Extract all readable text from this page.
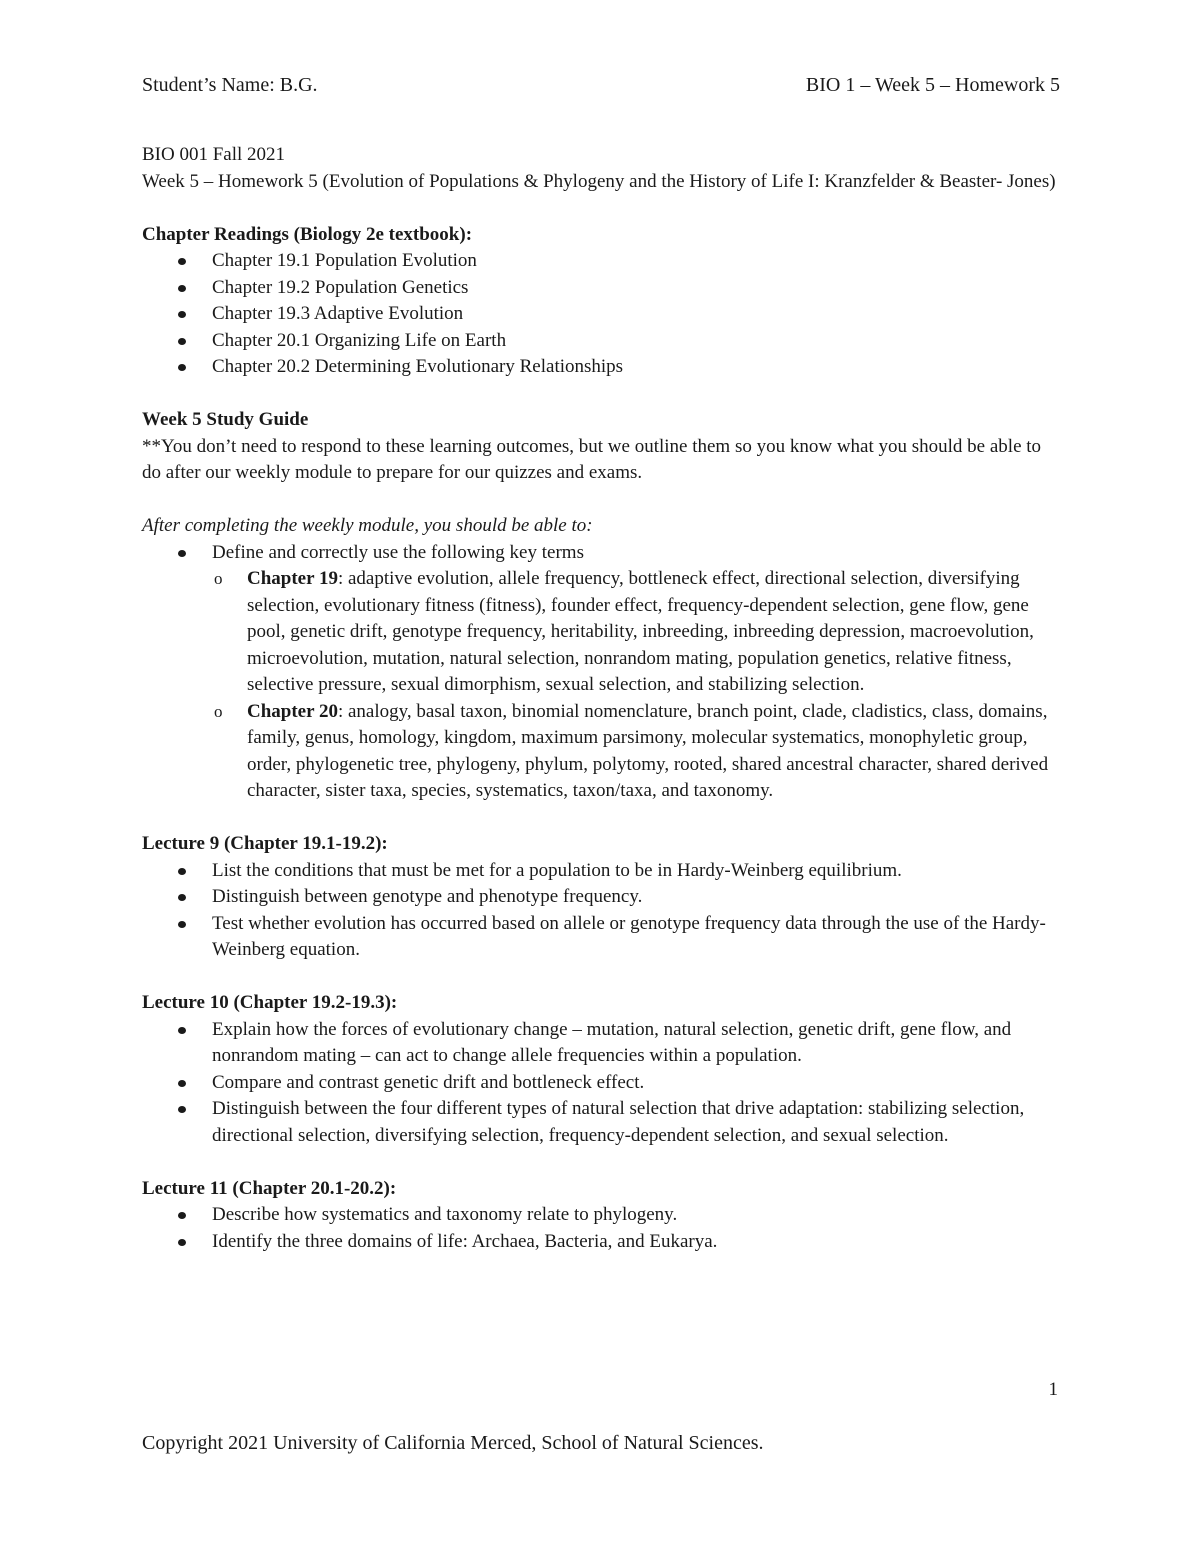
Student’s Name: B.G.	BIO 1 – Week 5 – Homework 5

BIO 001 Fall 2021

Week 5 – Homework 5 (Evolution of Populations & Phylogeny and the History of Life I: Kranzfelder & Beaster- Jones)

Chapter Readings (Biology 2e textbook):

Chapter 19.1 Population Evolution
Chapter 19.2 Population Genetics
Chapter 19.3 Adaptive Evolution
Chapter 20.1 Organizing Life on Earth
Chapter 20.2 Determining Evolutionary Relationships

Week 5 Study Guide

**You don’t need to respond to these learning outcomes, but we outline them so you know what you should be able to do after our weekly module to prepare for our quizzes and exams.

After completing the weekly module, you should be able to:

Define and correctly use the following key terms
o Chapter 19: adaptive evolution, allele frequency, bottleneck effect, directional selection, diversifying selection, evolutionary fitness (fitness), founder effect, frequency-dependent selection, gene flow, gene pool, genetic drift, genotype frequency, heritability, inbreeding, inbreeding depression, macroevolution, microevolution, mutation, natural selection, nonrandom mating, population genetics, relative fitness, selective pressure, sexual dimorphism, sexual selection, and stabilizing selection.
o Chapter 20: analogy, basal taxon, binomial nomenclature, branch point, clade, cladistics, class, domains, family, genus, homology, kingdom, maximum parsimony, molecular systematics, monophyletic group, order, phylogenetic tree, phylogeny, phylum, polytomy, rooted, shared ancestral character, shared derived character, sister taxa, species, systematics, taxon/taxa, and taxonomy.

Lecture 9 (Chapter 19.1-19.2):

List the conditions that must be met for a population to be in Hardy-Weinberg equilibrium.
Distinguish between genotype and phenotype frequency.
Test whether evolution has occurred based on allele or genotype frequency data through the use of the Hardy-Weinberg equation.

Lecture 10 (Chapter 19.2-19.3):

Explain how the forces of evolutionary change – mutation, natural selection, genetic drift, gene flow, and nonrandom mating – can act to change allele frequencies within a population.
Compare and contrast genetic drift and bottleneck effect.
Distinguish between the four different types of natural selection that drive adaptation: stabilizing selection, directional selection, diversifying selection, frequency-dependent selection, and sexual selection.

Lecture 11 (Chapter 20.1-20.2):

Describe how systematics and taxonomy relate to phylogeny.
Identify the three domains of life: Archaea, Bacteria, and Eukarya.
1
Copyright 2021 University of California Merced, School of Natural Sciences.
